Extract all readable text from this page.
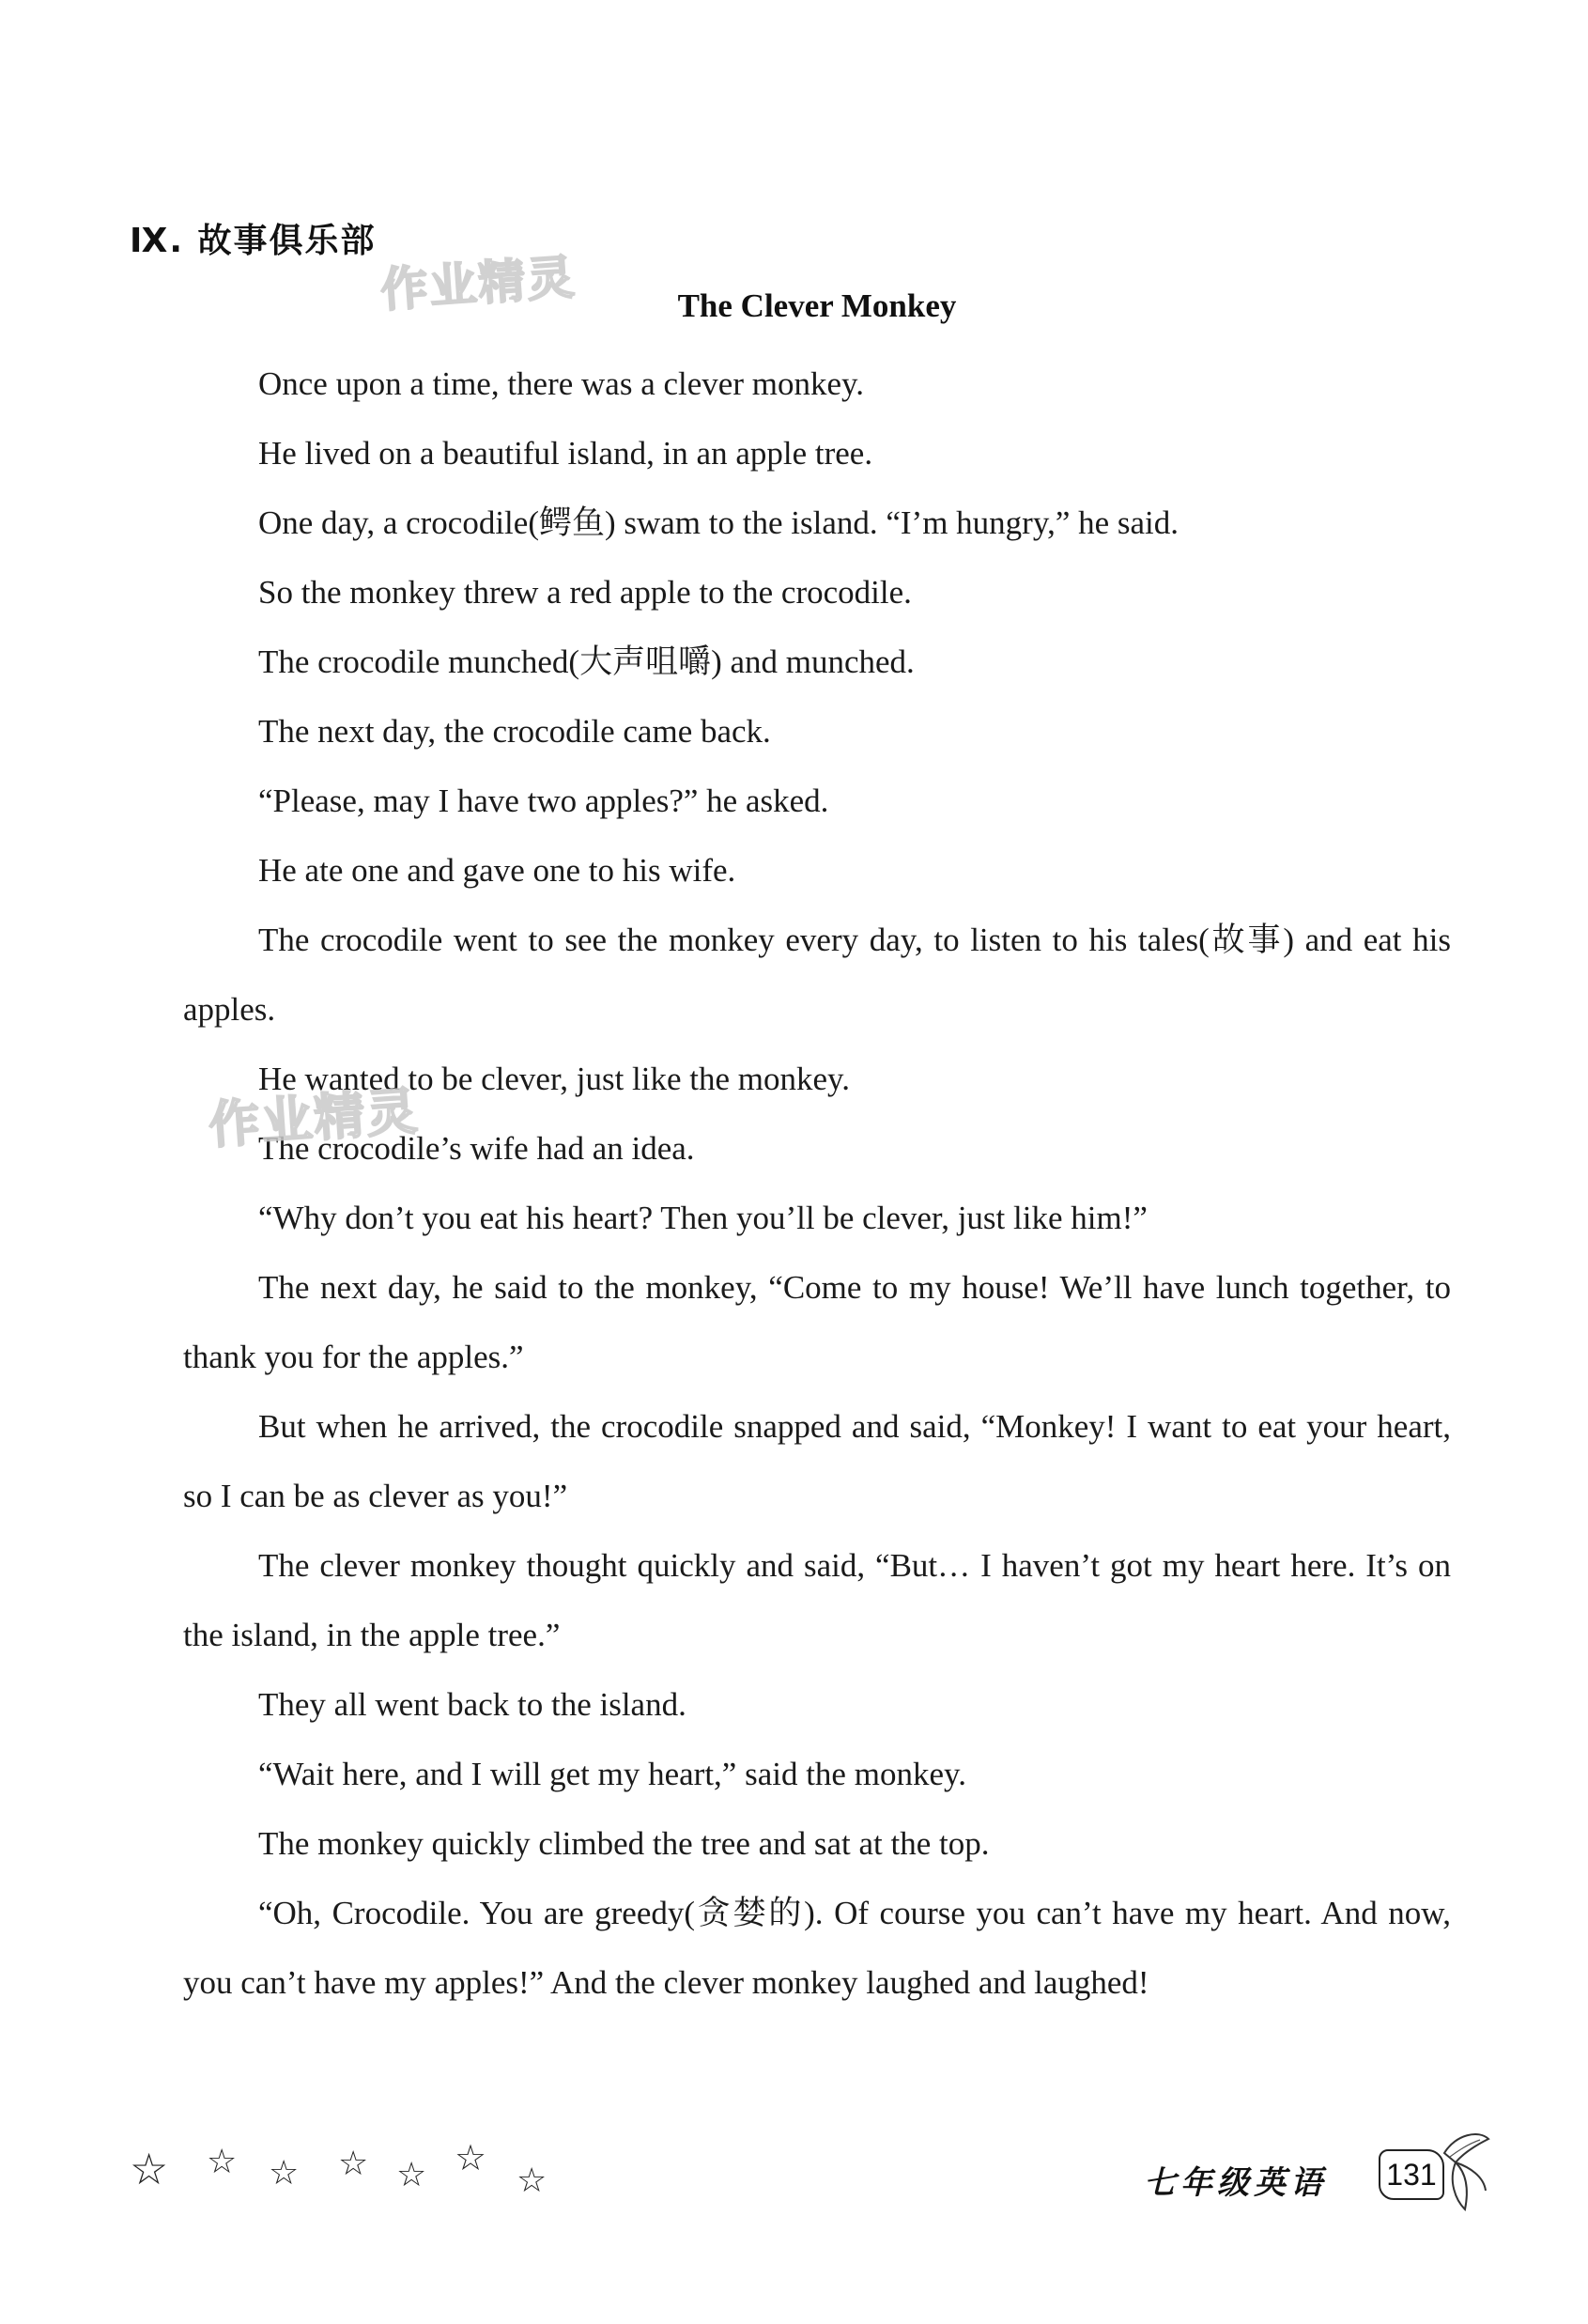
Ⅸ. 故事俱乐部
作业精灵	The Clever Monkey

Once upon a time, there was a clever monkey.

He lived on a beautiful island, in an apple tree.

One day, a crocodile(鳄鱼) swam to the island. “I’m hungry,” he said.

So the monkey threw a red apple to the crocodile.

The crocodile munched(大声咀嚼) and munched.

The next day, the crocodile came back.

“Please, may I have two apples?” he asked.

He ate one and gave one to his wife.

The crocodile went to see the monkey every day, to listen to his tales(故事) and eat his apples.

He wanted to be clever, just like the monkey.

The crocodile’s wife had an idea.

“Why don’t you eat his heart? Then you’ll be clever, just like him!”

The next day, he said to the monkey, “Come to my house! We’ll have lunch together, to thank you for the apples.”

But when he arrived, the crocodile snapped and said, “Monkey! I want to eat your heart, so I can be as clever as you!”

The clever monkey thought quickly and said, “But… I haven’t got my heart here. It’s on the island, in the apple tree.”

They all went back to the island.

“Wait here, and I will get my heart,” said the monkey.

The monkey quickly climbed the tree and sat at the top.

“Oh, Crocodile. You are greedy(贪婪的). Of course you can’t have my heart. And now, you can’t have my apples!” And the clever monkey laughed and laughed!

作业精灵
☆ ☆ ☆ ☆ ☆ ☆
☆	七年级英语 131
